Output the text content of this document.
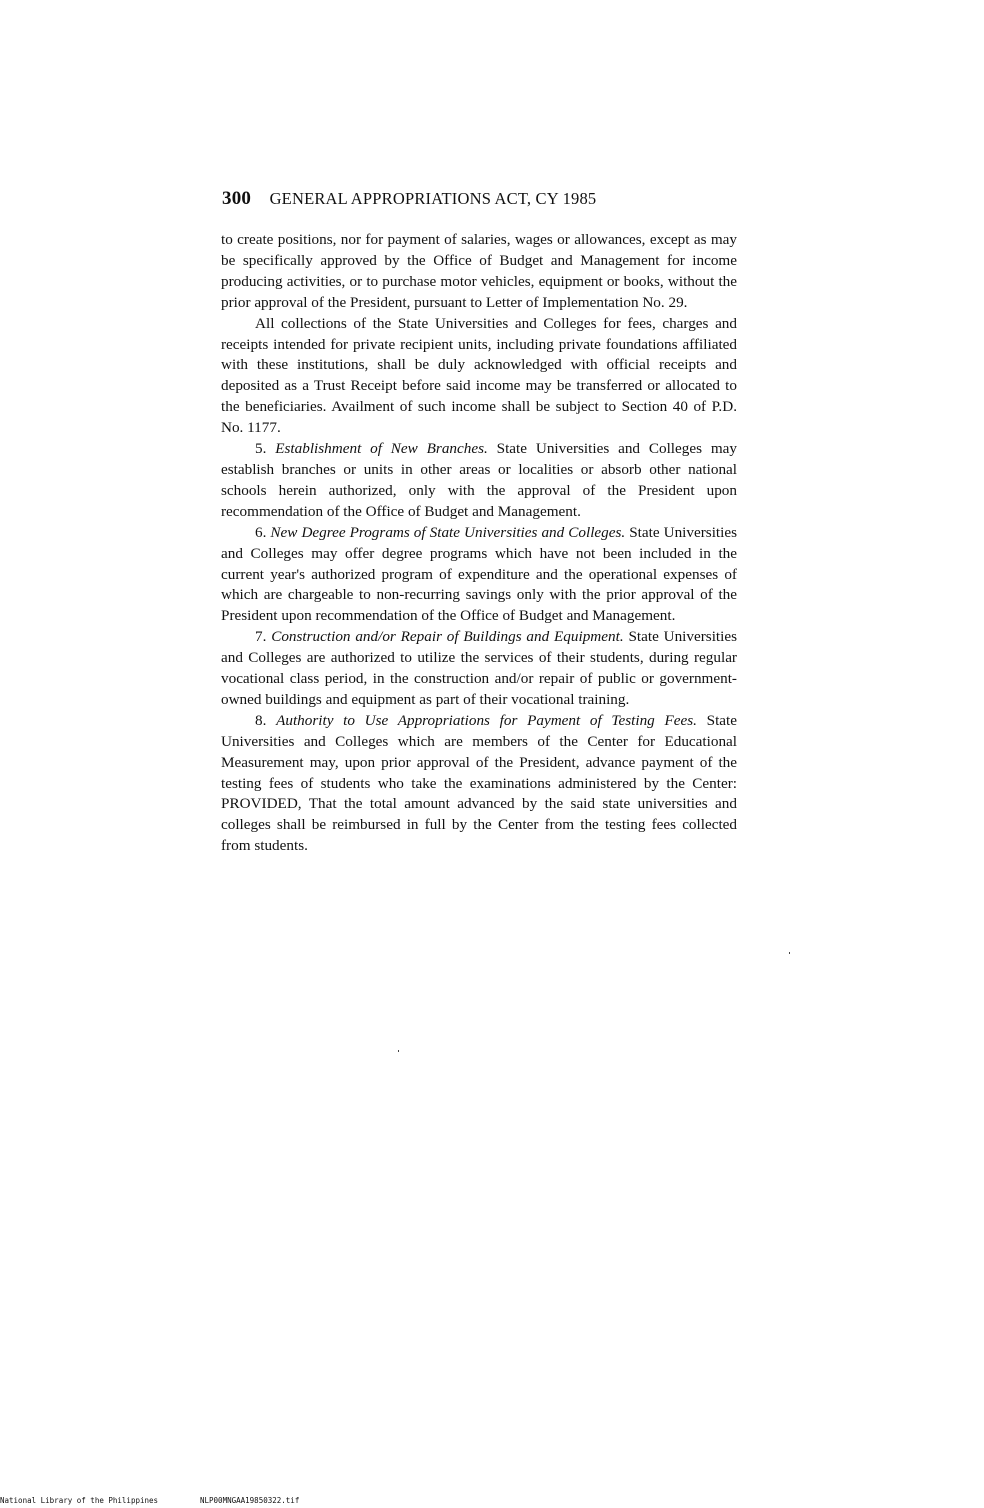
300 GENERAL APPROPRIATIONS ACT, CY 1985

to create positions, nor for payment of salaries, wages or allowances, except as may be specifically approved by the Office of Budget and Management for income producing activities, or to purchase motor vehicles, equipment or books, without the prior approval of the President, pursuant to Letter of Implementation No. 29.

All collections of the State Universities and Colleges for fees, charges and receipts intended for private recipient units, including private foundations affiliated with these institutions, shall be duly acknowledged with official receipts and deposited as a Trust Receipt before said income may be transferred or allocated to the beneficiaries. Availment of such income shall be subject to Section 40 of P.D. No. 1177.

5. Establishment of New Branches. State Universities and Colleges may establish branches or units in other areas or localities or absorb other national schools herein authorized, only with the approval of the President upon recommendation of the Office of Budget and Management.

6. New Degree Programs of State Universities and Colleges. State Universities and Colleges may offer degree programs which have not been included in the current year's authorized program of expenditure and the operational expenses of which are chargeable to non-recurring savings only with the prior approval of the President upon recommendation of the Office of Budget and Management.

7. Construction and/or Repair of Buildings and Equipment. State Universities and Colleges are authorized to utilize the services of their students, during regular vocational class period, in the construction and/or repair of public or government-owned buildings and equipment as part of their vocational training.

8. Authority to Use Appropriations for Payment of Testing Fees. State Universities and Colleges which are members of the Center for Educational Measurement may, upon prior approval of the President, advance payment of the testing fees of students who take the examinations administered by the Center: PROVIDED, That the total amount advanced by the said state universities and colleges shall be reimbursed in full by the Center from the testing fees collected from students.

National Library of the Philippines	NLP00MNGAA19850322.tif
